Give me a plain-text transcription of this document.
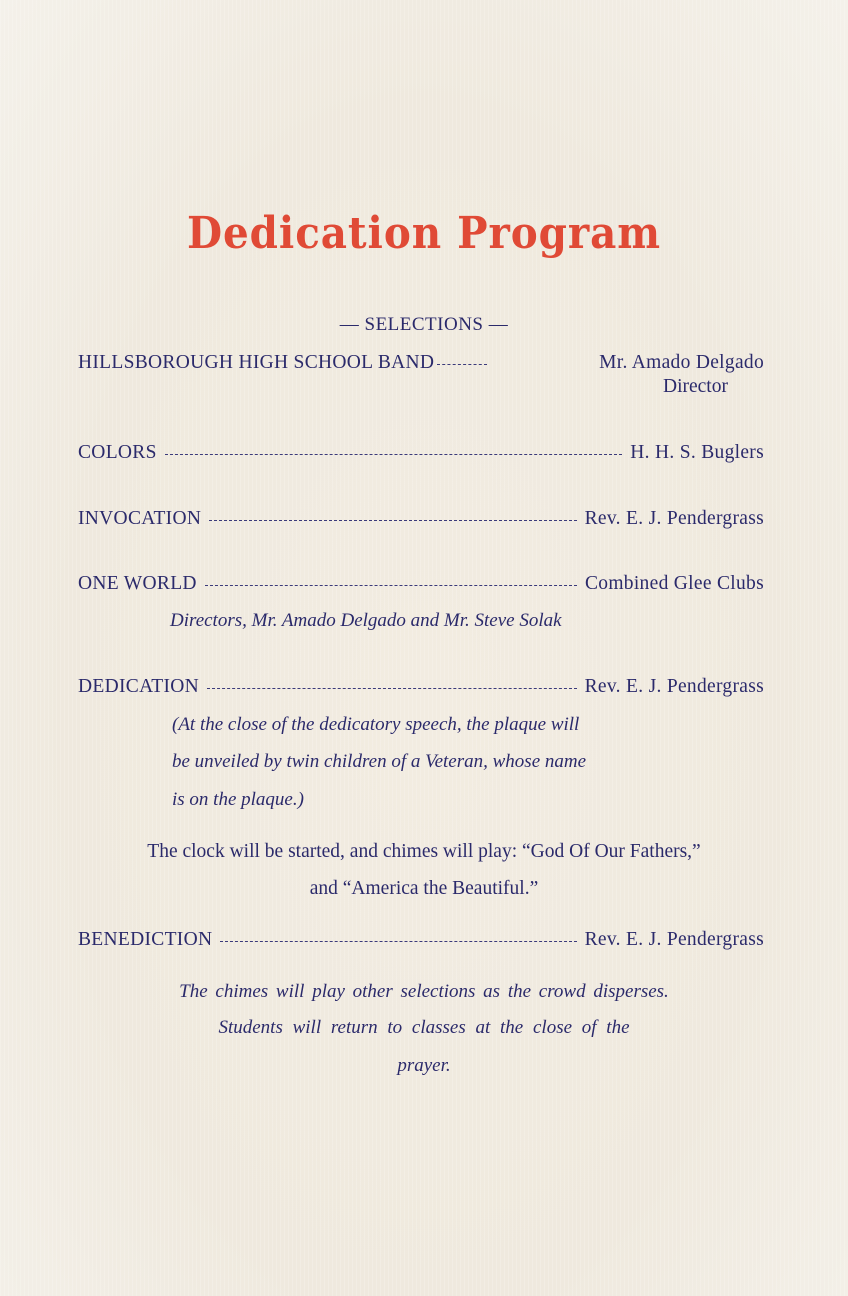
Dedication Program
— SELECTIONS —
HILLSBOROUGH HIGH SCHOOL BAND	Mr. Amado Delgado
Director
COLORS	H. H. S. Buglers
INVOCATION	Rev. E. J. Pendergrass
ONE WORLD	Combined Glee Clubs
Directors, Mr. Amado Delgado and Mr. Steve Solak
DEDICATION	Rev. E. J. Pendergrass
(At the close of the dedicatory speech, the plaque will
be unveiled by twin children of a Veteran, whose name
is on the plaque.)
The clock will be started, and chimes will play: “God Of Our Fathers,”
and “America the Beautiful.”
BENEDICTION	Rev. E. J. Pendergrass
The chimes will play other selections as the crowd disperses.
Students will return to classes at the close of the
prayer.
